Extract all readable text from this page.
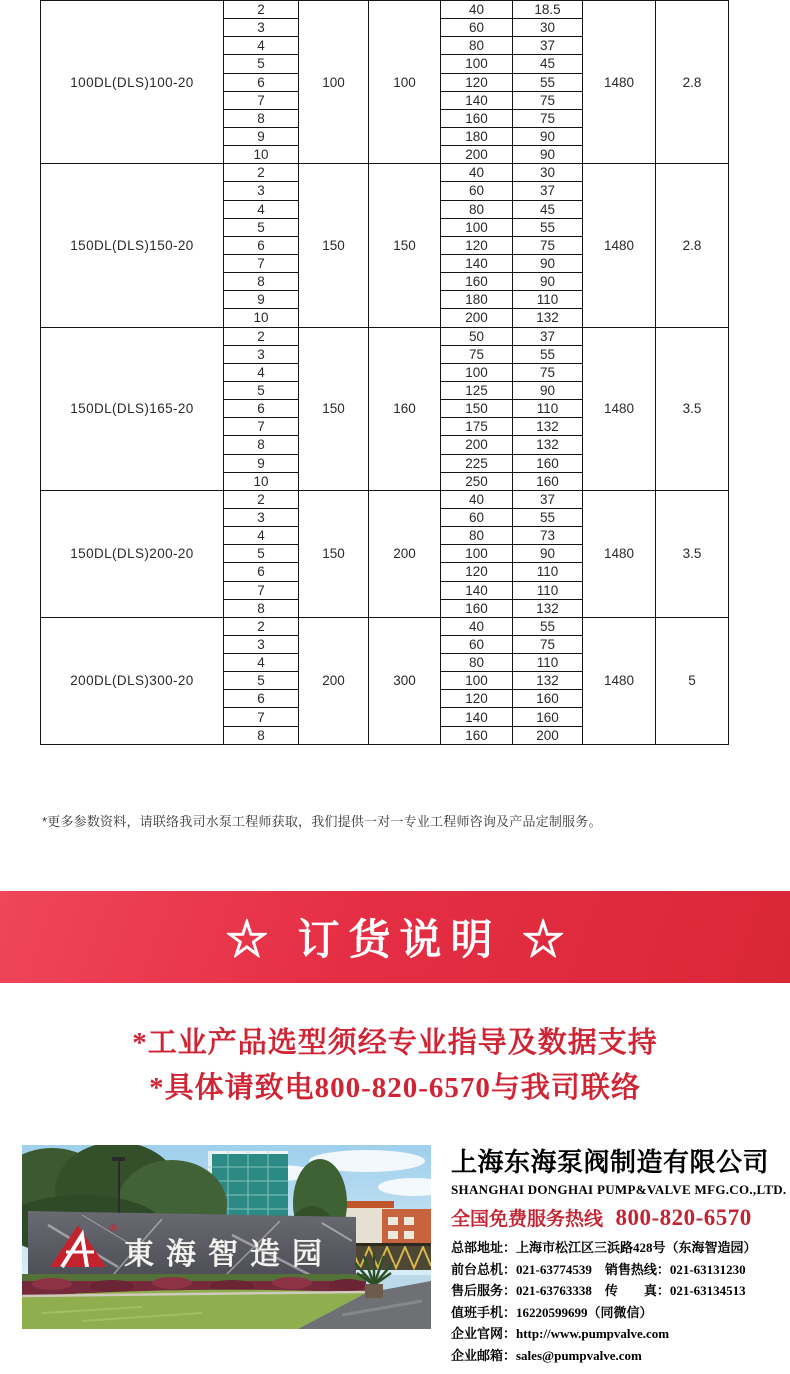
100DL(DLS)100-20	2	100	100	40	18.5	1480	2.8
	3			60	30		
	4			80	37		
	5			100	45		
	6			120	55		
	7			140	75		
	8			160	75		
	9			180	90		
	10			200	90		
150DL(DLS)150-20	2	150	150	40	30	1480	2.8
	3			60	37		
	4			80	45		
	5			100	55		
	6			120	75		
	7			140	90		
	8			160	90		
	9			180	110		
	10			200	132		
150DL(DLS)165-20	2	150	160	50	37	1480	3.5
	3			75	55		
	4			100	75		
	5			125	90		
	6			150	110		
	7			175	132		
	8			200	132		
	9			225	160		
	10			250	160		
150DL(DLS)200-20	2	150	200	40	37	1480	3.5
	3			60	55		
	4			80	73		
	5			100	90		
	6			120	110		
	7			140	110		
	8			160	132		
200DL(DLS)300-20	2	200	300	40	55	1480	5
	3			60	75		
	4			80	110		
	5			100	132		
	6			120	160		
	7			140	160		
	8			160	200		
*更多参数资料，请联络我司水泵工程师获取，我们提供一对一专业工程师咨询及产品定制服务。
☆ 订货说明 ☆
*工业产品选型须经专业指导及数据支持
*具体请致电800-820-6570与我司联络
®
東海智造园
上海东海泵阀制造有限公司
SHANGHAI DONGHAI PUMP&VALVE MFG.CO.,LTD.
全国免费服务热线 800-820-6570
总部地址：上海市松江区三浜路428号（东海智造园）
前台总机：021-63774539　销售热线：021-63131230
售后服务：021-63763338　传　　真：021-63134513
值班手机：16220599699（同微信）
企业官网：http://www.pumpvalve.com
企业邮箱：sales@pumpvalve.com
